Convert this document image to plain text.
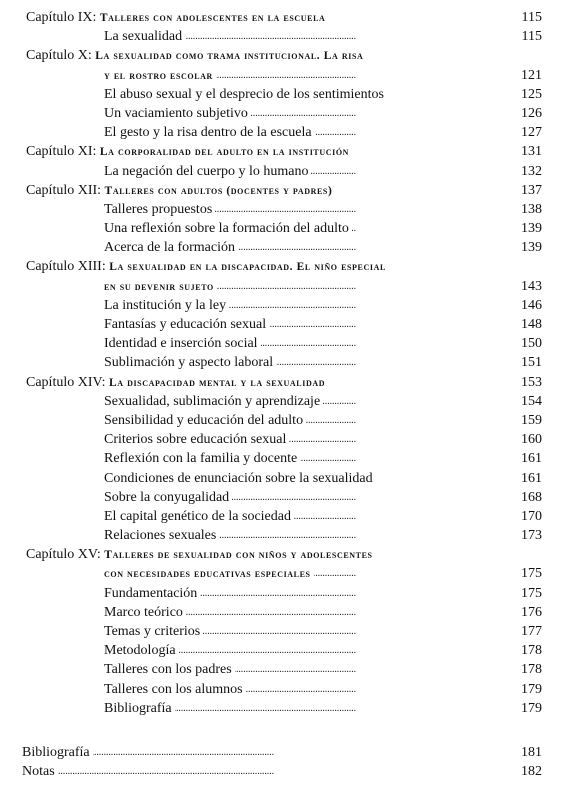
Capítulo IX: Talleres con adolescentes en la escuela . . .	115
La sexualidad . . .	115
Capítulo X: La sexualidad como trama institucional. La risa
y el rostro escolar . . .	121
El abuso sexual y el desprecio de los sentimientos . . .	125
Un vaciamiento subjetivo . . .	126
El gesto y la risa dentro de la escuela . . .	127
Capítulo XI: La corporalidad del adulto en la institución . . .	131
La negación del cuerpo y lo humano . . .	132
Capítulo XII: Talleres con adultos (docentes y padres) . . .	137
Talleres propuestos . . .	138
Una reflexión sobre la formación del adulto . . .	139
Acerca de la formación . . .	139
Capítulo XIII: La sexualidad en la discapacidad. El niño especial
en su devenir sujeto . . .	143
La institución y la ley . . .	146
Fantasías y educación sexual . . .	148
Identidad e inserción social . . .	150
Sublimación y aspecto laboral . . .	151
Capítulo XIV: La discapacidad mental y la sexualidad . . .	153
Sexualidad, sublimación y aprendizaje . . .	154
Sensibilidad y educación del adulto . . .	159
Criterios sobre educación sexual . . .	160
Reflexión con la familia y docente . . .	161
Condiciones de enunciación sobre la sexualidad . . .	161
Sobre la conyugalidad . . .	168
El capital genético de la sociedad . . .	170
Relaciones sexuales . . .	173
Capítulo XV: Talleres de sexualidad con niños y adolescentes
con necesidades educativas especiales . . .	175
Fundamentación . . .	175
Marco teórico . . .	176
Temas y criterios . . .	177
Metodología . . .	178
Talleres con los padres . . .	178
Talleres con los alumnos . . .	179
Bibliografía . . .	179
Bibliografía . . .	181
Notas . . .	182
